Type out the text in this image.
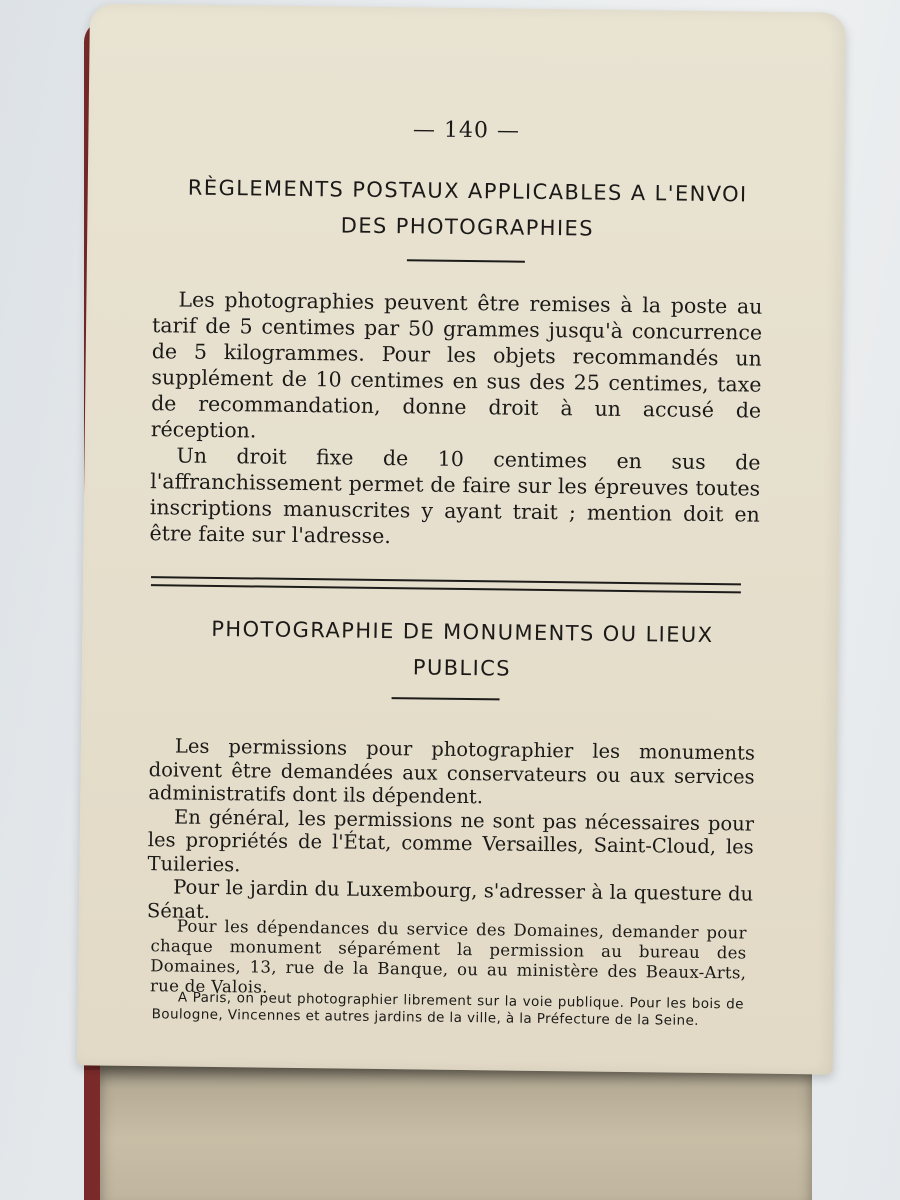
— 140 —
RÈGLEMENTS POSTAUX APPLICABLES A L'ENVOI
DES PHOTOGRAPHIES

Les photographies peuvent être remises à la poste au tarif de 5 centimes par 50 grammes jusqu'à concurrence de 5 kilogrammes. Pour les objets recommandés un supplément de 10 centimes en sus des 25 centimes, taxe de recommandation, donne droit à un accusé de réception.

Un droit fixe de 10 centimes en sus de l'affranchissement permet de faire sur les épreuves toutes inscriptions manuscrites y ayant trait ; mention doit en être faite sur l'adresse.

PHOTOGRAPHIE DE MONUMENTS OU LIEUX
PUBLICS

Les permissions pour photographier les monuments doivent être demandées aux conservateurs ou aux services administratifs dont ils dépendent.

En général, les permissions ne sont pas nécessaires pour les propriétés de l'État, comme Versailles, Saint-Cloud, les Tuileries.

Pour le jardin du Luxembourg, s'adresser à la questure du Sénat.

Pour les dépendances du service des Domaines, demander pour chaque monument séparément la permission au bureau des Domaines, 13, rue de la Banque, ou au ministère des Beaux-Arts, rue de Valois.

A Paris, on peut photographier librement sur la voie publique. Pour les bois de Boulogne, Vincennes et autres jardins de la ville, à la Préfecture de la Seine.
